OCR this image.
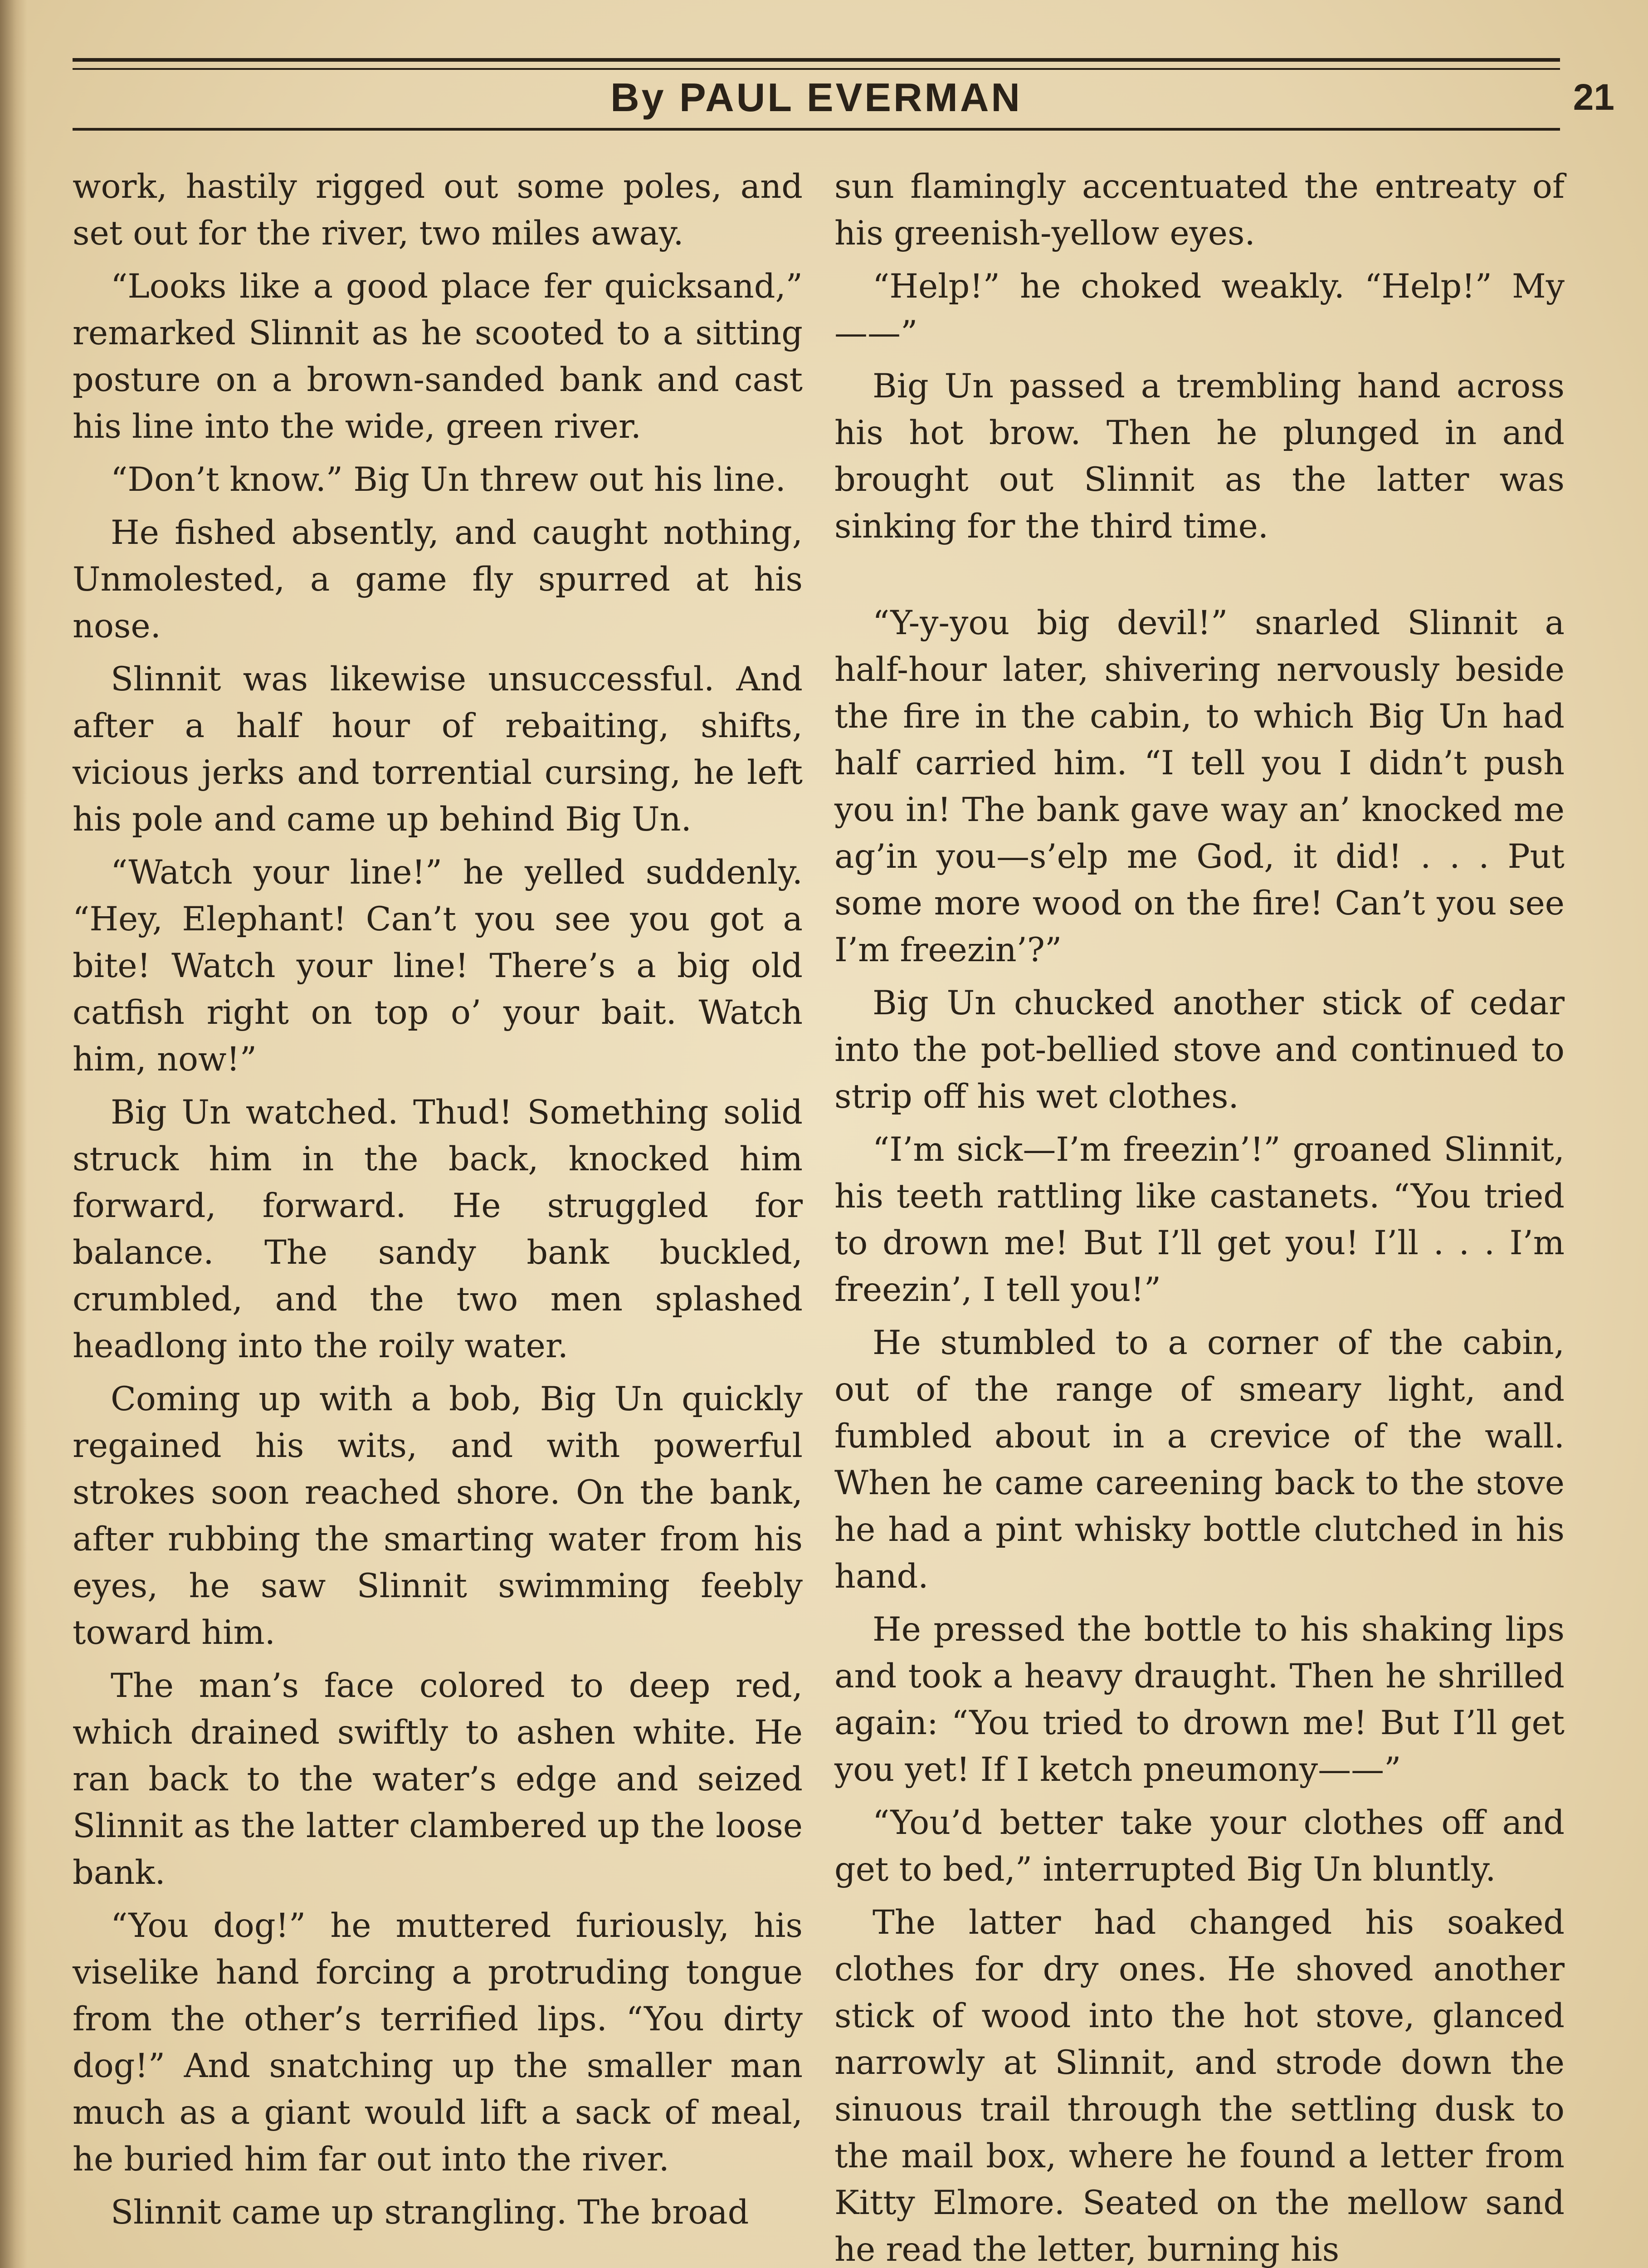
By PAUL EVERMAN	21

work, hastily rigged out some poles, and set out for the river, two miles away.

“Looks like a good place fer quicksand,” remarked Slinnit as he scooted to a sitting posture on a brown-sanded bank and cast his line into the wide, green river.

“Don’t know.” Big Un threw out his line.

He fished absently, and caught nothing, Unmolested, a game fly spurred at his nose.

Slinnit was likewise unsuccessful. And after a half hour of rebaiting, shifts, vicious jerks and torrential cursing, he left his pole and came up behind Big Un.

“Watch your line!” he yelled suddenly. “Hey, Elephant! Can’t you see you got a bite! Watch your line! There’s a big old catfish right on top o’ your bait. Watch him, now!”

Big Un watched. Thud! Something solid struck him in the back, knocked him forward, forward. He struggled for balance. The sandy bank buckled, crumbled, and the two men splashed headlong into the roily water.

Coming up with a bob, Big Un quickly regained his wits, and with powerful strokes soon reached shore. On the bank, after rubbing the smarting water from his eyes, he saw Slinnit swimming feebly toward him.

The man’s face colored to deep red, which drained swiftly to ashen white. He ran back to the water’s edge and seized Slinnit as the latter clambered up the loose bank.

“You dog!” he muttered furiously, his viselike hand forcing a protruding tongue from the other’s terrified lips. “You dirty dog!” And snatching up the smaller man much as a giant would lift a sack of meal, he buried him far out into the river.

Slinnit came up strangling. The broad

sun flamingly accentuated the entreaty of his greenish-yellow eyes.

“Help!” he choked weakly. “Help!” My——”

Big Un passed a trembling hand across his hot brow. Then he plunged in and brought out Slinnit as the latter was sinking for the third time.

“Y-y-you big devil!” snarled Slinnit a half-hour later, shivering nervously beside the fire in the cabin, to which Big Un had half carried him. “I tell you I didn’t push you in! The bank gave way an’ knocked me ag’in you—s’elp me God, it did! . . . Put some more wood on the fire! Can’t you see I’m freezin’?”

Big Un chucked another stick of cedar into the pot-bellied stove and continued to strip off his wet clothes.

“I’m sick—I’m freezin’!” groaned Slinnit, his teeth rattling like castanets. “You tried to drown me! But I’ll get you! I’ll . . . I’m freezin’, I tell you!”

He stumbled to a corner of the cabin, out of the range of smeary light, and fumbled about in a crevice of the wall. When he came careening back to the stove he had a pint whisky bottle clutched in his hand.

He pressed the bottle to his shaking lips and took a heavy draught. Then he shrilled again: “You tried to drown me! But I’ll get you yet! If I ketch pneumony——”

“You’d better take your clothes off and get to bed,” interrupted Big Un bluntly.

The latter had changed his soaked clothes for dry ones. He shoved another stick of wood into the hot stove, glanced narrowly at Slinnit, and strode down the sinuous trail through the settling dusk to the mail box, where he found a letter from Kitty Elmore. Seated on the mellow sand he read the letter, burning his
